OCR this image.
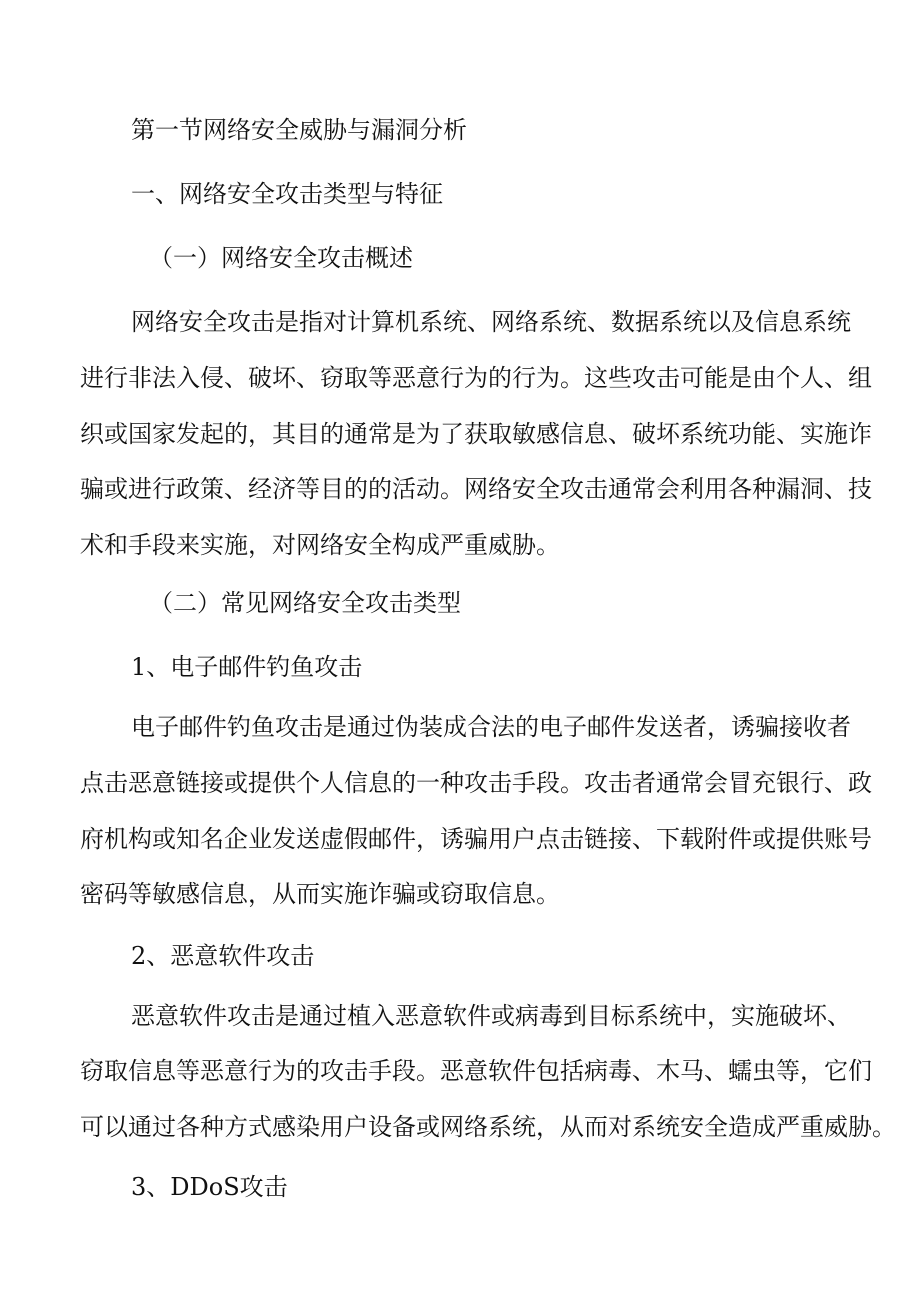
第一节网络安全威胁与漏洞分析
一、网络安全攻击类型与特征
（一）网络安全攻击概述
网络安全攻击是指对计算机系统、网络系统、数据系统以及信息系统
进行非法入侵、破坏、窃取等恶意行为的行为。这些攻击可能是由个人、组
织或国家发起的，其目的通常是为了获取敏感信息、破坏系统功能、实施诈
骗或进行政策、经济等目的的活动。网络安全攻击通常会利用各种漏洞、技
术和手段来实施，对网络安全构成严重威胁。
（二）常见网络安全攻击类型
1、电子邮件钓鱼攻击
电子邮件钓鱼攻击是通过伪装成合法的电子邮件发送者，诱骗接收者
点击恶意链接或提供个人信息的一种攻击手段。攻击者通常会冒充银行、政
府机构或知名企业发送虚假邮件，诱骗用户点击链接、下载附件或提供账号
密码等敏感信息，从而实施诈骗或窃取信息。
2、恶意软件攻击
恶意软件攻击是通过植入恶意软件或病毒到目标系统中，实施破坏、
窃取信息等恶意行为的攻击手段。恶意软件包括病毒、木马、蠕虫等，它们
可以通过各种方式感染用户设备或网络系统，从而对系统安全造成严重威胁。
3、DDoS攻击
